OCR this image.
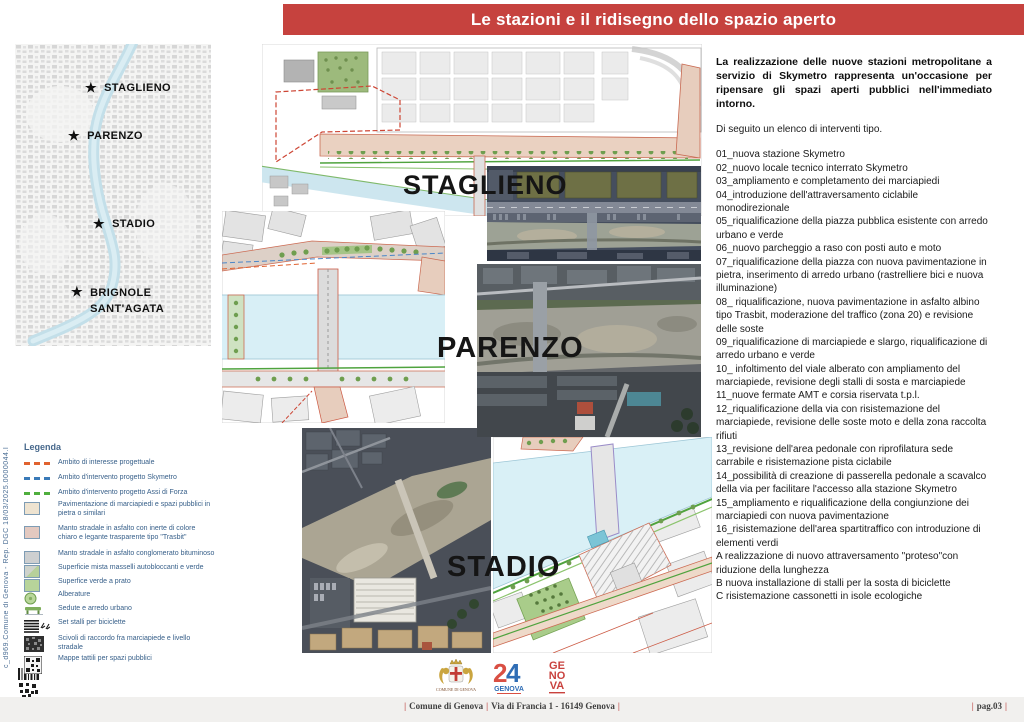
Le stazioni e il ridisegno dello spazio aperto
★ STAGLIENO
★ PARENZO
★ STADIO
★ BRIGNOLE SANT'AGATA
c_d969.Comune di Genova - Rep. DGC 18/03/2025.0000044.I	Legenda
Ambito di interesse progettuale
Ambito d'intervento progetto Skymetro
Ambito d'intervento progetto Assi di Forza
Pavimentazione di marciapiedi e spazi pubblici in pietra o similari
Manto stradale in asfalto con inerte di colore chiaro e legante trasparente tipo "Trasbit"
Manto stradale in asfalto conglomerato bituminoso
Superficie mista masselli autobloccanti e verde
Superfice verde a prato
Alberature
Sedute e arredo urbano
Set stalli per biciclette
Scivoli di raccordo fra marciapiede e livello stradale
Mappe tattili per spazi pubblici
STAGLIENO
PARENZO
STADIO
La realizzazione delle nuove stazioni metropolitane a servizio di Skymetro rappresenta un'occasione per ripensare gli spazi aperti pubblici nell'immediato intorno.
Di seguito un elenco di interventi tipo.
01_nuova stazione Skymetro
02_nuovo locale tecnico interrato Skymetro
03_ampliamento e completamento dei marciapiedi
04_introduzione dell'attraversamento ciclabile monodirezionale
05_riqualificazione della piazza pubblica esistente con arredo urbano e verde
06_nuovo parcheggio a raso con posti auto e moto
07_riqualificazione della piazza con nuova pavimentazione in pietra, inserimento di arredo urbano (rastrelliere bici e nuova illuminazione)
08_ riqualificazione, nuova pavimentazione in asfalto albino tipo Trasbit, moderazione del traffico (zona 20) e revisione delle soste
09_riqualificazione di marciapiede e slargo, riqualificazione di arredo urbano e verde
10_ infoltimento del viale alberato con ampliamento del marciapiede, revisione degli stalli di sosta e marciapiede
11_nuove fermate AMT e corsia riservata t.p.l.
12_riqualificazione della via con risistemazione del marciapiede, revisione delle soste moto e della zona raccolta rifiuti
13_revisione dell'area pedonale con riprofilatura sede carrabile e risistemazione pista ciclabile
14_possibilità di creazione di passerella pedonale a scavalco della via per facilitare l'accesso alla stazione Skymetro
15_ampliamento e riqualificazione della congiunzione dei marciapiedi con nuova pavimentazione
16_risistemazione dell'area spartitraffico con introduzione di elementi verdi
A realizzazione di nuovo attraversamento "proteso"con riduzione della lunghezza
B nuova installazione di stalli per la sosta di biciclette
C risistemazione cassonetti in isole ecologiche
COMUNE DI GENOVA
2
4
GENOVA
GE
NO
VA
| Comune di Genova | Via di Francia 1 - 16149 Genova |	| pag.03 |
